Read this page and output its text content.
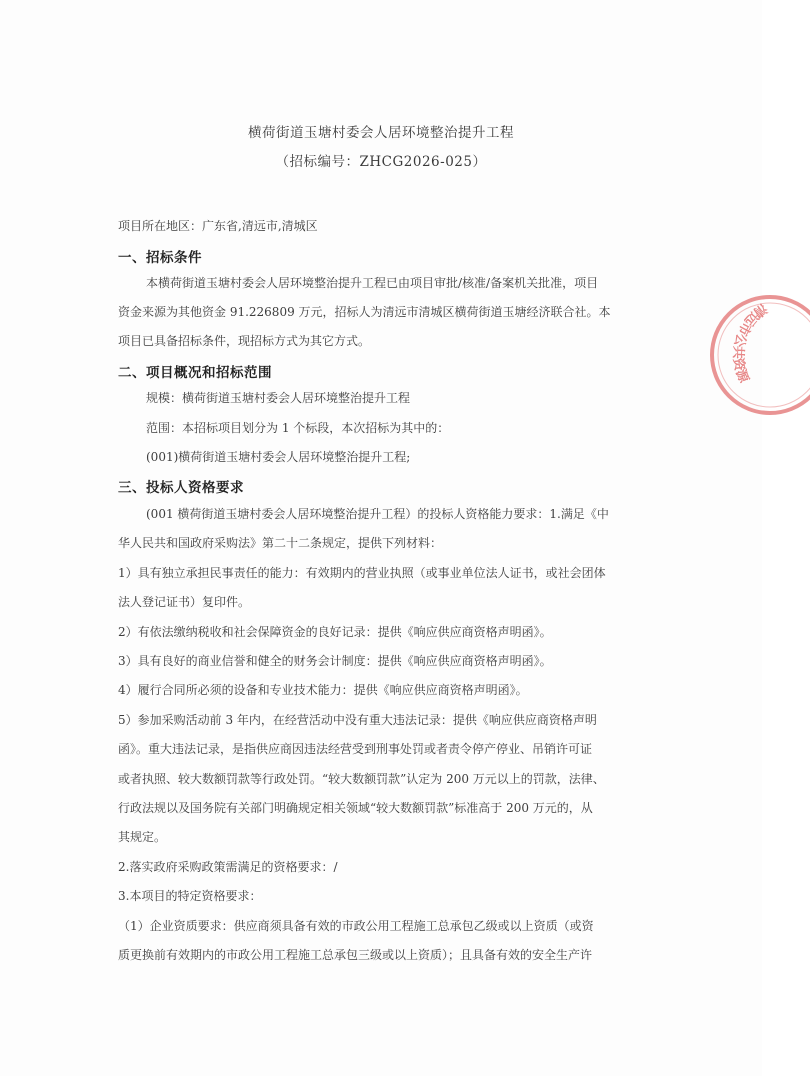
横荷街道玉塘村委会人居环境整治提升工程
（招标编号：ZHCG2026-025）
项目所在地区：广东省,清远市,清城区
一、招标条件
本横荷街道玉塘村委会人居环境整治提升工程已由项目审批/核准/备案机关批准，项目
资金来源为其他资金 91.226809 万元，招标人为清远市清城区横荷街道玉塘经济联合社。本
项目已具备招标条件，现招标方式为其它方式。
二、项目概况和招标范围
规模：横荷街道玉塘村委会人居环境整治提升工程
范围：本招标项目划分为 1 个标段，本次招标为其中的：
(001)横荷街道玉塘村委会人居环境整治提升工程;
三、投标人资格要求
(001 横荷街道玉塘村委会人居环境整治提升工程）的投标人资格能力要求：1.满足《中
华人民共和国政府采购法》第二十二条规定，提供下列材料：
1）具有独立承担民事责任的能力：有效期内的营业执照（或事业单位法人证书，或社会团体
法人登记证书）复印件。
2）有依法缴纳税收和社会保障资金的良好记录：提供《响应供应商资格声明函》。
3）具有良好的商业信誉和健全的财务会计制度：提供《响应供应商资格声明函》。
4）履行合同所必须的设备和专业技术能力：提供《响应供应商资格声明函》。
5）参加采购活动前 3 年内，在经营活动中没有重大违法记录：提供《响应供应商资格声明
函》。重大违法记录，是指供应商因违法经营受到刑事处罚或者责令停产停业、吊销许可证
或者执照、较大数额罚款等行政处罚。“较大数额罚款”认定为 200 万元以上的罚款，法律、
行政法规以及国务院有关部门明确规定相关领域“较大数额罚款”标准高于 200 万元的，从
其规定。
2.落实政府采购政策需满足的资格要求：/
3.本项目的特定资格要求：
（1）企业资质要求：供应商须具备有效的市政公用工程施工总承包乙级或以上资质（或资
质更换前有效期内的市政公用工程施工总承包三级或以上资质）；且具备有效的安全生产许
清远市公共资源
